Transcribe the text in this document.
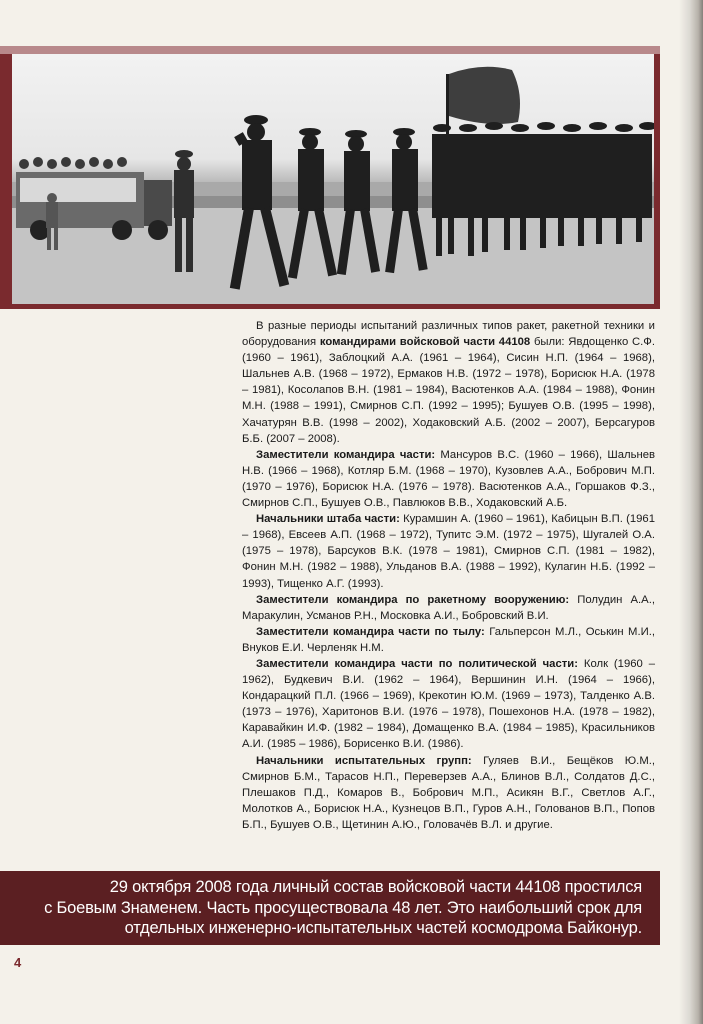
В разные периоды испытаний различных типов ракет, ракетной техники и оборудования командирами войсковой части 44108 были: Явдощенко С.Ф. (1960 – 1961), Заблоцкий А.А. (1961 – 1964), Сисин Н.П. (1964 – 1968), Шальнев А.В. (1968 – 1972), Ермаков Н.В. (1972 – 1978), Борисюк Н.А. (1978 – 1981), Косолапов В.Н. (1981 – 1984), Васютенков А.А. (1984 – 1988), Фонин М.Н. (1988 – 1991), Смирнов С.П. (1992 – 1995); Бушуев О.В. (1995 – 1998), Хачатурян В.В. (1998 – 2002), Ходаковский А.Б. (2002 – 2007), Берсагуров Б.Б. (2007 – 2008).

Заместители командира части: Мансуров В.С. (1960 – 1966), Шальнев Н.В. (1966 – 1968), Котляр Б.М. (1968 – 1970), Кузовлев А.А., Бобрович М.П. (1970 – 1976), Борисюк Н.А. (1976 – 1978). Васютенков А.А., Горшаков Ф.З., Смирнов С.П., Бушуев О.В., Павлюков В.В., Ходаковский А.Б.

Начальники штаба части: Курамшин А. (1960 – 1961), Кабицын В.П. (1961 – 1968), Евсеев А.П. (1968 – 1972), Тупитс Э.М. (1972 – 1975), Шугалей О.А. (1975 – 1978), Барсуков В.К. (1978 – 1981), Смирнов С.П. (1981 – 1982), Фонин М.Н. (1982 – 1988), Ульданов В.А. (1988 – 1992), Кулагин Н.Б. (1992 – 1993), Тищенко А.Г. (1993).

Заместители командира по ракетному вооружению: Полудин А.А., Маракулин, Усманов Р.Н., Московка А.И., Бобровский В.И.

Заместители командира части по тылу: Гальперсон М.Л., Оськин М.И., Внуков Е.И. Черленяк Н.М.

Заместители командира части по политической части: Колк (1960 – 1962), Будкевич В.И. (1962 – 1964), Вершинин И.Н. (1964 – 1966), Кондарацкий П.Л. (1966 – 1969), Крекотин Ю.М. (1969 – 1973), Талденко А.В. (1973 – 1976), Харитонов В.И. (1976 – 1978), Пошехонов Н.А. (1978 – 1982), Каравайкин И.Ф. (1982 – 1984), Домащенко В.А. (1984 – 1985), Красильников А.И. (1985 – 1986), Борисенко В.И. (1986).

Начальники испытательных групп: Гуляев В.И., Бещёков Ю.М., Смирнов Б.М., Тарасов Н.П., Переверзев А.А., Блинов В.Л., Солдатов Д.С., Плешаков П.Д., Комаров В., Бобрович М.П., Асикян В.Г., Светлов А.Г., Молотков А., Борисюк Н.А., Кузнецов В.П., Гуров А.Н., Голованов В.П., Попов Б.П., Бушуев О.В., Щетинин А.Ю., Головачёв В.Л. и другие.

29 октября 2008 года личный состав войсковой части 44108 простился
с Боевым Знаменем. Часть просуществовала 48 лет. Это наибольший срок для
отдельных инженерно-испытательных частей космодрома Байконур.
4
